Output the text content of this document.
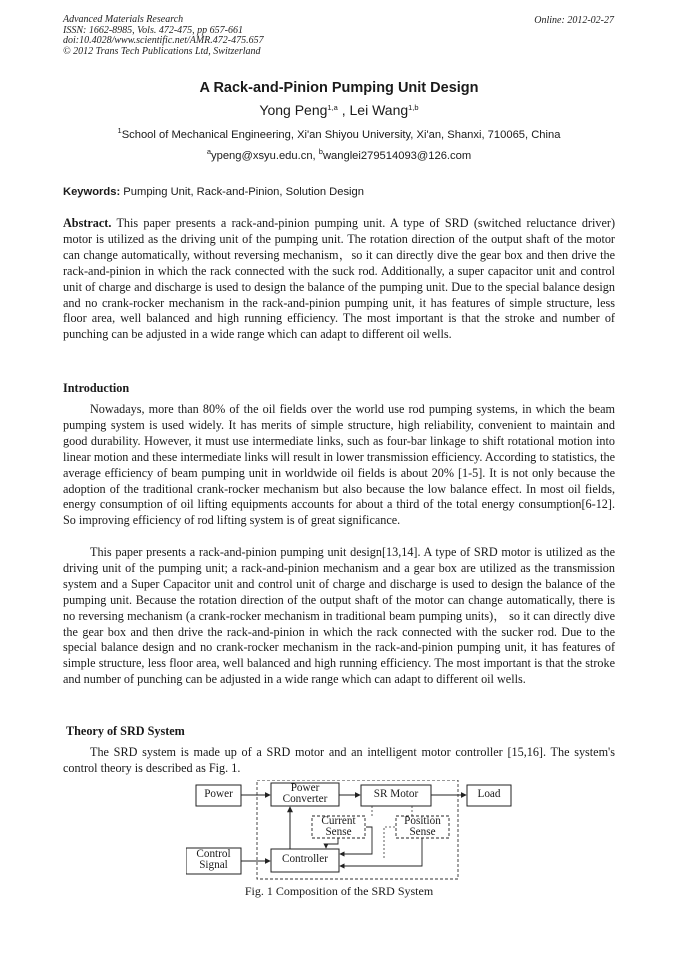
Advanced Materials Research
ISSN: 1662-8985, Vols. 472-475, pp 657-661
doi:10.4028/www.scientific.net/AMR.472-475.657
© 2012 Trans Tech Publications Ltd, Switzerland
Online: 2012-02-27
A Rack-and-Pinion Pumping Unit Design
Yong Peng$^{1,a}$ , Lei Wang$^{1,b}$
$^1$School of Mechanical Engineering, Xi'an Shiyou University, Xi'an, Shanxi, 710065, China
$^a$ypeng@xsyu.edu.cn, $^b$wanglei279514093@126.com
Keywords: Pumping Unit, Rack-and-Pinion, Solution Design
Abstract. This paper presents a rack-and-pinion pumping unit. A type of SRD (switched reluctance driver) motor is utilized as the driving unit of the pumping unit. The rotation direction of the output shaft of the motor can change automatically, without reversing mechanism，so it can directly dive the gear box and then drive the rack-and-pinion in which the rack connected with the suck rod. Additionally, a super capacitor unit and control unit of charge and discharge is used to design the balance of the pumping unit. Due to the special balance design and no crank-rocker mechanism in the rack-and-pinion pumping unit, it has features of simple structure, less floor area, well balanced and high running efficiency. The most important is that the stroke and number of punching can be adjusted in a wide range which can adapt to different oil wells.
Introduction
Nowadays, more than 80% of the oil fields over the world use rod pumping systems, in which the beam pumping system is used widely. It has merits of simple structure, high reliability, convenient to maintain and good durability. However, it must use intermediate links, such as four-bar linkage to shift rotational motion into linear motion and these intermediate links will result in lower transmission efficiency. According to statistics, the average efficiency of beam pumping unit in worldwide oil fields is about 20% [1-5]. It is not only because the adoption of the traditional crank-rocker mechanism but also because the low balance effect. In most oil fields, energy consumption of oil lifting equipments accounts for about a third of the total energy consumption[6-12]. So improving efficiency of rod lifting system is of great significance.
This paper presents a rack-and-pinion pumping unit design[13,14]. A type of SRD motor is utilized as the driving unit of the pumping unit; a rack-and-pinion mechanism and a gear box are utilized as the transmission system and a Super Capacitor unit and control unit of charge and discharge is used to design the balance of the pumping unit. Because the rotation direction of the output shaft of the motor can change automatically, there is no reversing mechanism (a crank-rocker mechanism in traditional beam pumping units)， so it can directly dive the gear box and then drive the rack-and-pinion in which the rack connected with the sucker rod. Due to the special balance design and no crank-rocker mechanism in the rack-and-pinion pumping unit, it has features of simple structure, less floor area, well balanced and high running efficiency. The most important is that the stroke and number of punching can be adjusted in a wide range which can adapt to different oil wells.
Theory of SRD System
The SRD system is made up of a SRD motor and an intelligent motor controller [15,16]. The system's control theory is described as Fig. 1.
Power	Power
Converter	SR Motor	Load
Current
Sense
Position
Sense
Control
Signal	Controller
Fig. 1 Composition of the SRD System
